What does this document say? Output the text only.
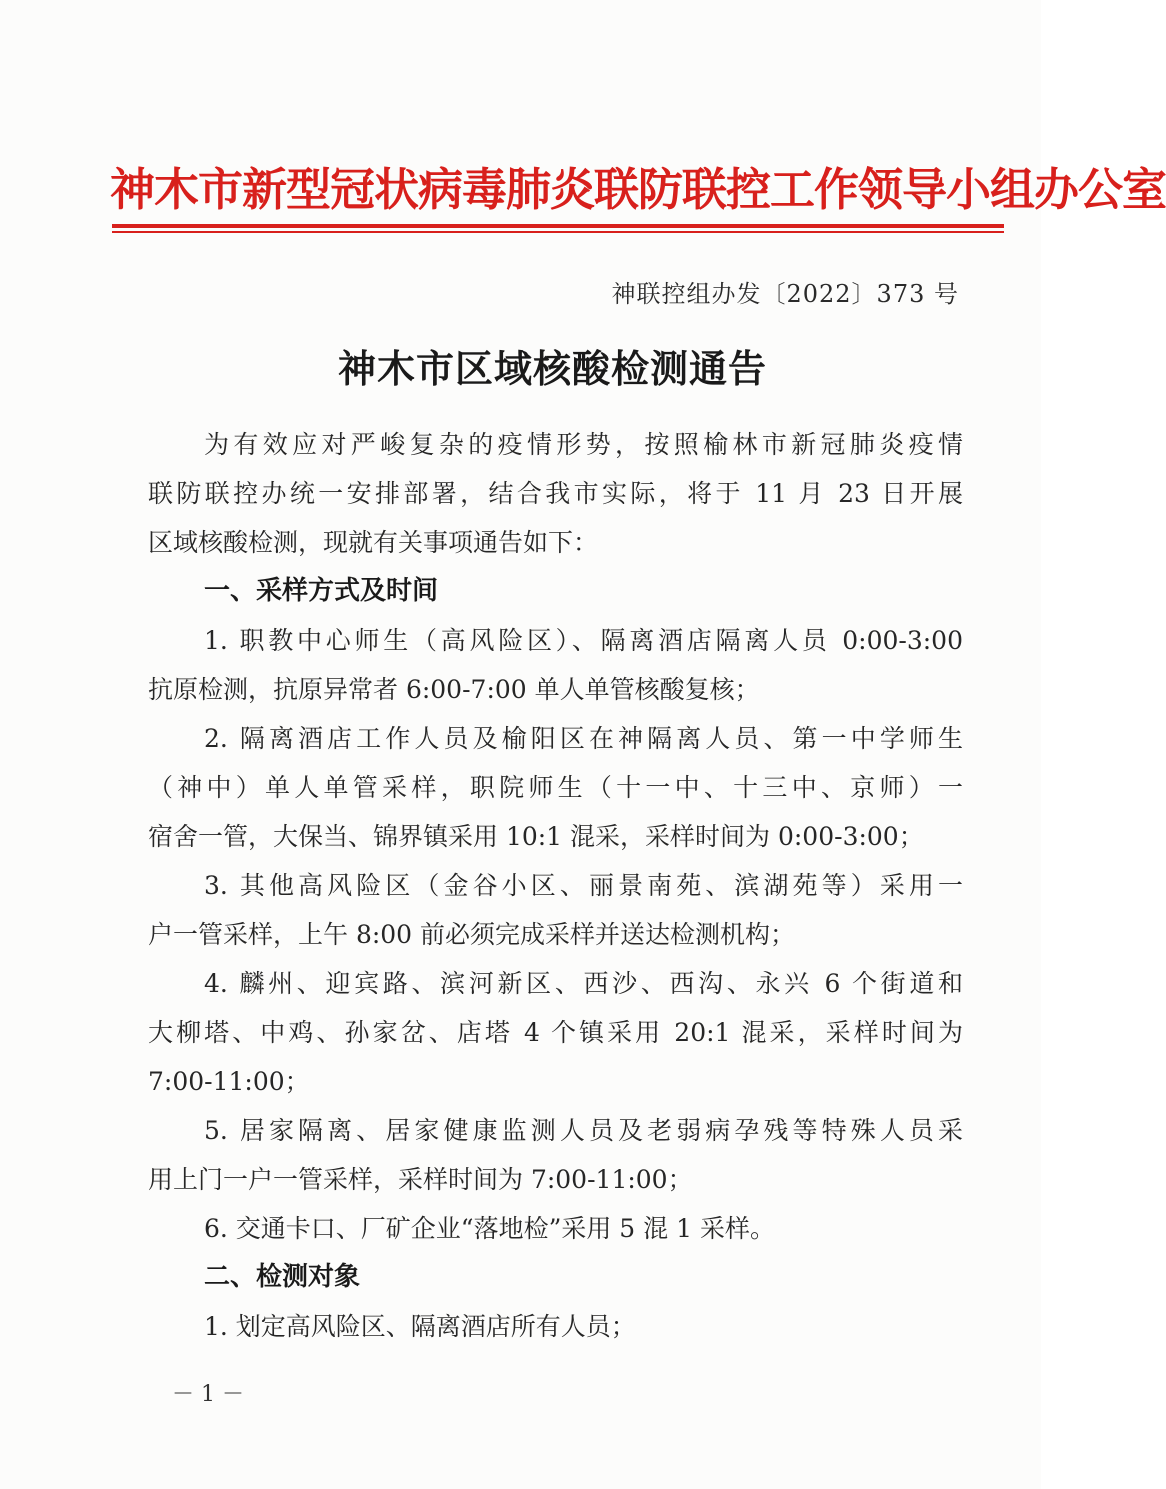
神木市新型冠状病毒肺炎联防联控工作领导小组办公室
神联控组办发〔2022〕373 号
神木市区域核酸检测通告
为有效应对严峻复杂的疫情形势，按照榆林市新冠肺炎疫情
联防联控办统一安排部署，结合我市实际，将于 11 月 23 日开展
区域核酸检测，现就有关事项通告如下：
一、采样方式及时间
1. 职教中心师生（高风险区）、隔离酒店隔离人员 0:00-3:00
抗原检测，抗原异常者 6:00-7:00 单人单管核酸复核；
2. 隔离酒店工作人员及榆阳区在神隔离人员、第一中学师生
（神中）单人单管采样，职院师生（十一中、十三中、京师）一
宿舍一管，大保当、锦界镇采用 10:1 混采，采样时间为 0:00-3:00；
3. 其他高风险区（金谷小区、丽景南苑、滨湖苑等）采用一
户一管采样，上午 8:00 前必须完成采样并送达检测机构；
4. 麟州、迎宾路、滨河新区、西沙、西沟、永兴 6 个街道和
大柳塔、中鸡、孙家岔、店塔 4 个镇采用 20:1 混采，采样时间为
7:00-11:00；
5. 居家隔离、居家健康监测人员及老弱病孕残等特殊人员采
用上门一户一管采样，采样时间为 7:00-11:00；
6. 交通卡口、厂矿企业“落地检”采用 5 混 1 采样。
二、检测对象
1. 划定高风险区、隔离酒店所有人员；
－ 1 －
